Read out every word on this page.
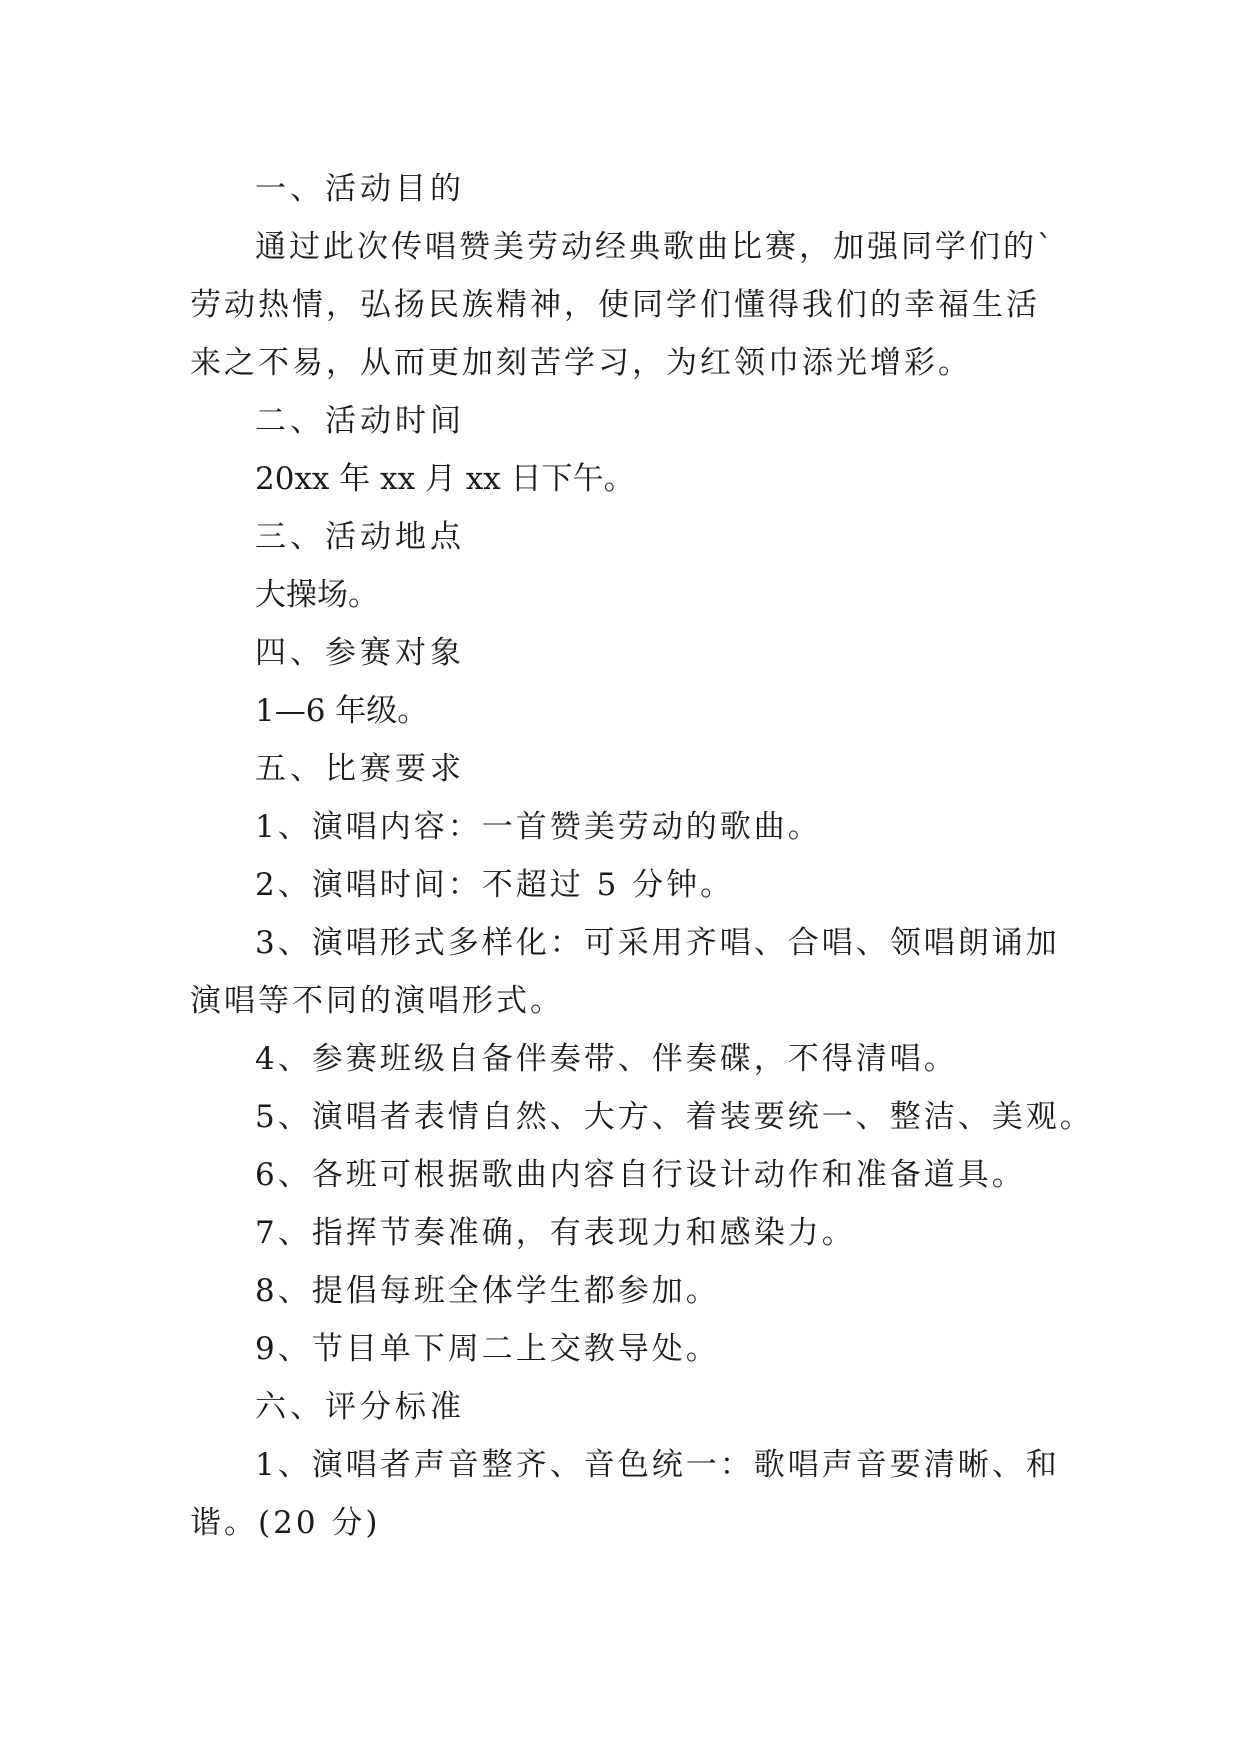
一、活动目的
通过此次传唱赞美劳动经典歌曲比赛，加强同学们的`劳动热情，弘扬民族精神，使同学们懂得我们的幸福生活来之不易，从而更加刻苦学习，为红领巾添光增彩。
二、活动时间
20xx 年 xx 月 xx 日下午。
三、活动地点
大操场。
四、参赛对象
1—6 年级。
五、比赛要求
1、演唱内容：一首赞美劳动的歌曲。
2、演唱时间：不超过 5 分钟。
3、演唱形式多样化：可采用齐唱、合唱、领唱朗诵加演唱等不同的演唱形式。
4、参赛班级自备伴奏带、伴奏碟，不得清唱。
5、演唱者表情自然、大方、着装要统一、整洁、美观。
6、各班可根据歌曲内容自行设计动作和准备道具。
7、指挥节奏准确，有表现力和感染力。
8、提倡每班全体学生都参加。
9、节目单下周二上交教导处。
六、评分标准
1、演唱者声音整齐、音色统一：歌唱声音要清晰、和谐。(20 分)
